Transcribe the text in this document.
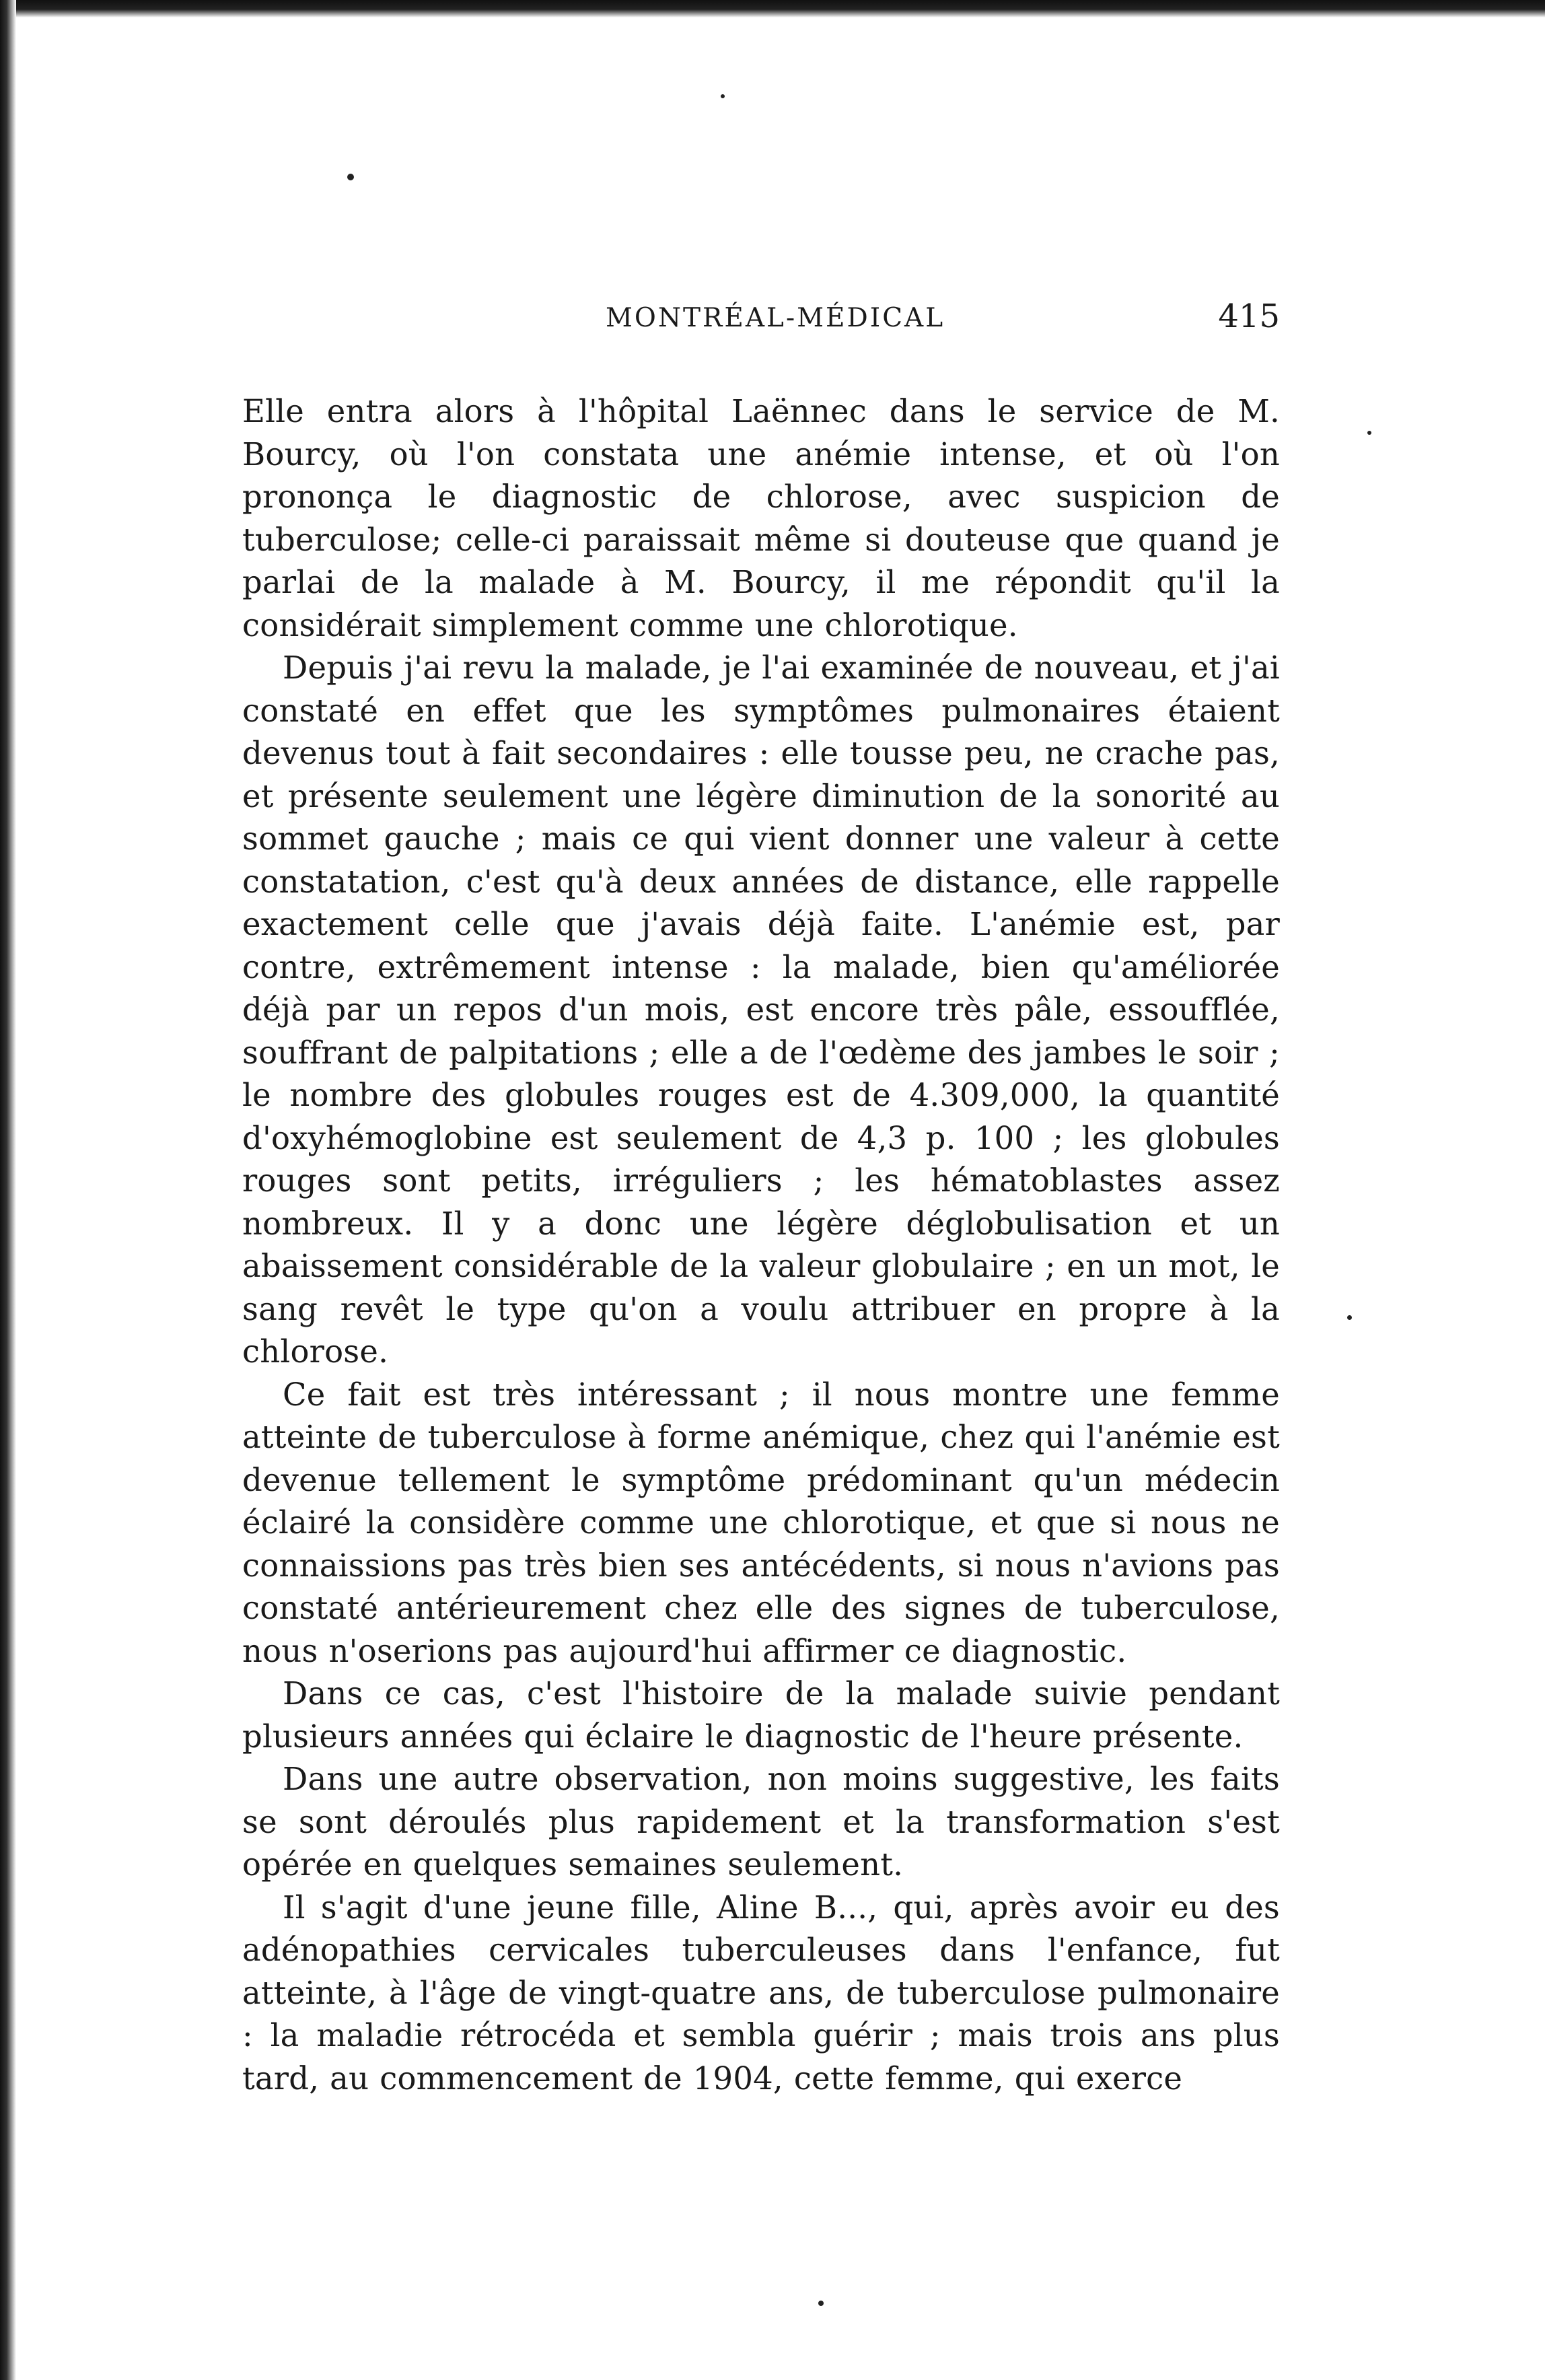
MONTRÉAL-MÉDICAL	415

Elle entra alors à l'hôpital Laënnec dans le service de M. Bourcy, où l'on constata une anémie intense, et où l'on prononça le diagnostic de chlorose, avec suspicion de tuberculose; celle-ci paraissait même si douteuse que quand je parlai de la malade à M. Bourcy, il me répondit qu'il la considérait simplement comme une chlorotique.

Depuis j'ai revu la malade, je l'ai examinée de nouveau, et j'ai constaté en effet que les symptômes pulmonaires étaient devenus tout à fait secondaires : elle tousse peu, ne crache pas, et présente seulement une légère diminution de la sonorité au sommet gauche ; mais ce qui vient donner une valeur à cette constatation, c'est qu'à deux années de distance, elle rappelle exactement celle que j'avais déjà faite. L'anémie est, par contre, extrêmement intense : la malade, bien qu'améliorée déjà par un repos d'un mois, est encore très pâle, essoufflée, souffrant de palpitations ; elle a de l'œdème des jambes le soir ; le nombre des globules rouges est de 4.309,000, la quantité d'oxyhémoglobine est seulement de 4,3 p. 100 ; les globules rouges sont petits, irréguliers ; les hématoblastes assez nombreux. Il y a donc une légère déglobulisation et un abaissement considérable de la valeur globulaire ; en un mot, le sang revêt le type qu'on a voulu attribuer en propre à la chlorose.

Ce fait est très intéressant ; il nous montre une femme atteinte de tuberculose à forme anémique, chez qui l'anémie est devenue tellement le symptôme prédominant qu'un médecin éclairé la considère comme une chlorotique, et que si nous ne connaissions pas très bien ses antécédents, si nous n'avions pas constaté antérieurement chez elle des signes de tuberculose, nous n'oserions pas aujourd'hui affirmer ce diagnostic.

Dans ce cas, c'est l'histoire de la malade suivie pendant plusieurs années qui éclaire le diagnostic de l'heure présente.

Dans une autre observation, non moins suggestive, les faits se sont déroulés plus rapidement et la transformation s'est opérée en quelques semaines seulement.

Il s'agit d'une jeune fille, Aline B..., qui, après avoir eu des adénopathies cervicales tuberculeuses dans l'enfance, fut atteinte, à l'âge de vingt-quatre ans, de tuberculose pulmonaire : la maladie rétrocéda et sembla guérir ; mais trois ans plus tard, au commencement de 1904, cette femme, qui exerce
